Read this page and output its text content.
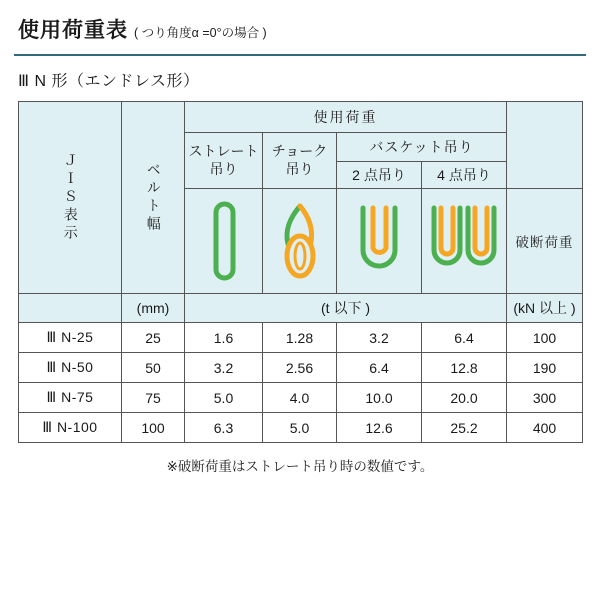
使用荷重表 ( つり角度α =0°の場合 )
Ⅲ N 形（エンドレス形）
ＪＩＳ表示	ベルト幅	使用荷重				
		ストレート吊り	チョーク吊り	バスケット吊り		
				2 点吊り	4 点吊り	

破断荷重

	(mm)	(t 以下 )				(kN 以上 )
Ⅲ N-25	25	1.6	1.28	3.2	6.4	100
Ⅲ N-50	50	3.2	2.56	6.4	12.8	190
Ⅲ N-75	75	5.0	4.0	10.0	20.0	300
Ⅲ N-100	100	6.3	5.0	12.6	25.2	400
※破断荷重はストレート吊り時の数値です。
